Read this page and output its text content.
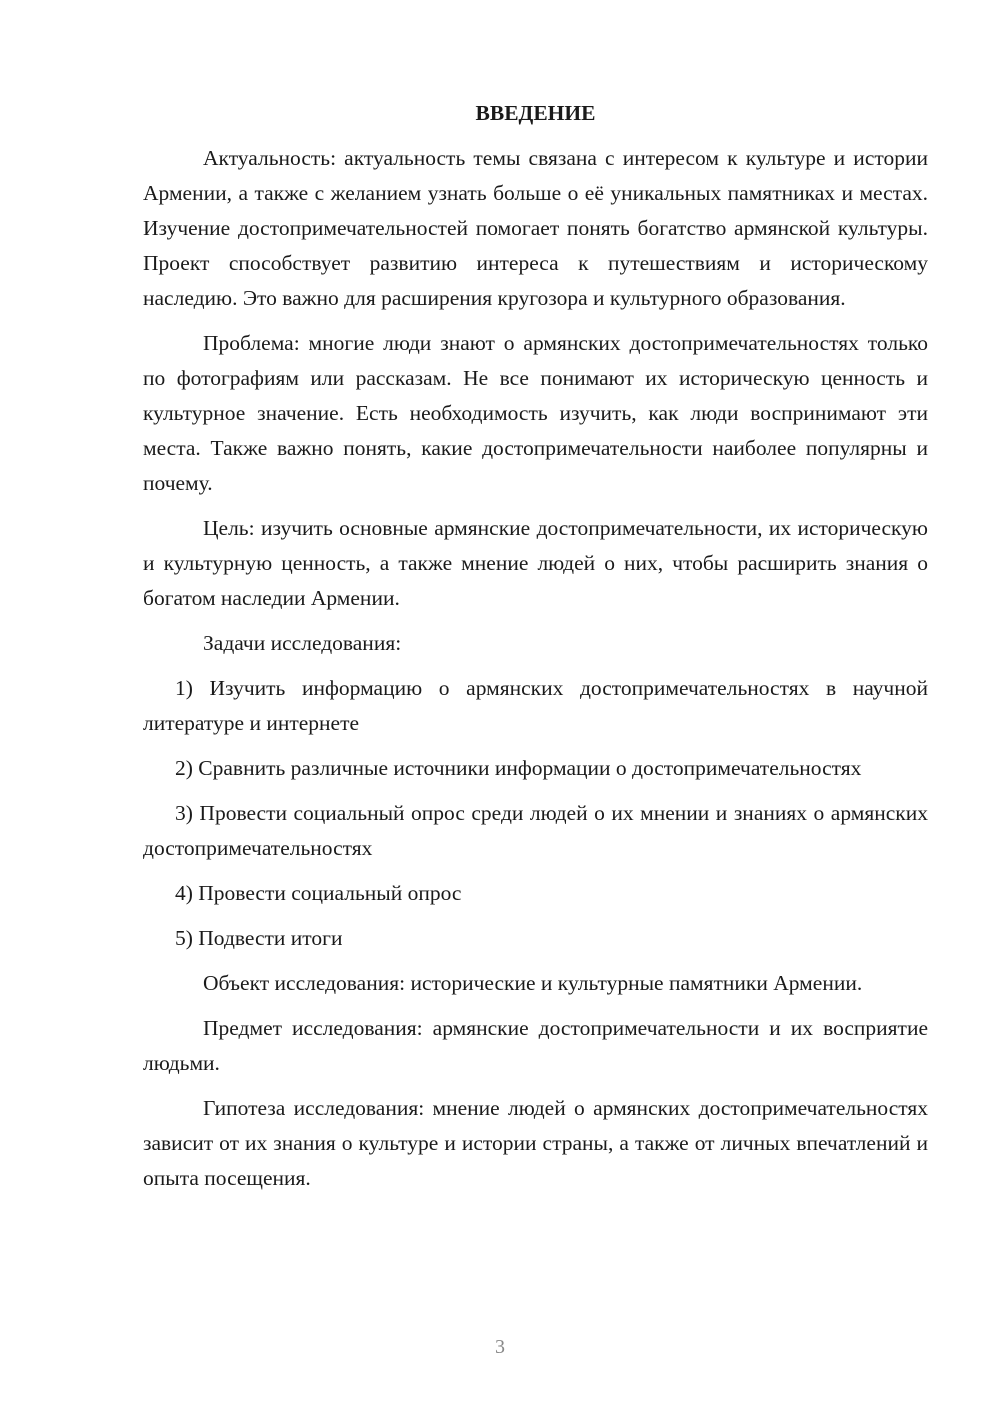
ВВЕДЕНИЕ

Актуальность: актуальность темы связана с интересом к культуре и истории Армении, а также с желанием узнать больше о её уникальных памятниках и местах. Изучение достопримечательностей помогает понять богатство армянской культуры. Проект способствует развитию интереса к путешествиям и историческому наследию. Это важно для расширения кругозора и культурного образования.

Проблема: многие люди знают о армянских достопримечательностях только по фотографиям или рассказам. Не все понимают их историческую ценность и культурное значение. Есть необходимость изучить, как люди воспринимают эти места. Также важно понять, какие достопримечательности наиболее популярны и почему.

Цель: изучить основные армянские достопримечательности, их историческую и культурную ценность, а также мнение людей о них, чтобы расширить знания о богатом наследии Армении.

Задачи исследования:

1) Изучить информацию о армянских достопримечательностях в научной литературе и интернете

2) Сравнить различные источники информации о достопримечательностях

3) Провести социальный опрос среди людей о их мнении и знаниях о армянских достопримечательностях

4) Провести социальный опрос

5) Подвести итоги

Объект исследования: исторические и культурные памятники Армении.

Предмет исследования: армянские достопримечательности и их восприятие людьми.

Гипотеза исследования: мнение людей о армянских достопримечательностях зависит от их знания о культуре и истории страны, а также от личных впечатлений и опыта посещения.

3
